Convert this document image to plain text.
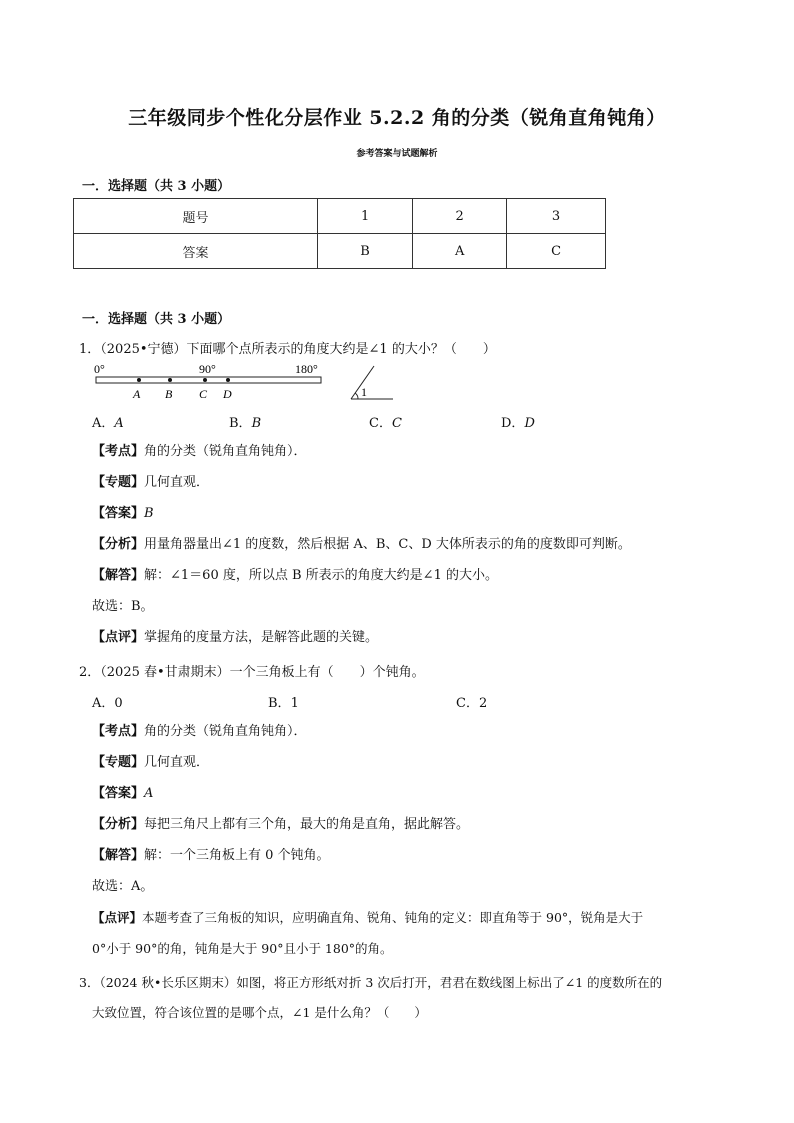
三年级同步个性化分层作业 5.2.2 角的分类（锐角直角钝角）
参考答案与试题解析
一．选择题（共 3 小题）
题号	1	2	3
答案	B	A	C
一．选择题（共 3 小题）
1．（2025•宁德）下面哪个点所表示的角度大约是∠1 的大小？（　　）
0°	90°	180°
A B C D	1
A．A	B．B	C．C	D．D
【考点】角的分类（锐角直角钝角）．
【专题】几何直观．
【答案】B
【分析】用量角器量出∠1 的度数，然后根据 A、B、C、D 大体所表示的角的度数即可判断。
【解答】解：∠1＝60 度，所以点 B 所表示的角度大约是∠1 的大小。
故选：B。
【点评】掌握角的度量方法，是解答此题的关键。
2．（2025 春•甘肃期末）一个三角板上有（　　）个钝角。
A．0	B．1	C．2
【考点】角的分类（锐角直角钝角）．
【专题】几何直观．
【答案】A
【分析】每把三角尺上都有三个角，最大的角是直角，据此解答。
【解答】解：一个三角板上有 0 个钝角。
故选：A。
【点评】本题考查了三角板的知识，应明确直角、锐角、钝角的定义：即直角等于 90°，锐角是大于
0°小于 90°的角，钝角是大于 90°且小于 180°的角。
3．（2024 秋•长乐区期末）如图，将正方形纸对折 3 次后打开，君君在数线图上标出了∠1 的度数所在的
大致位置，符合该位置的是哪个点，∠1 是什么角？（　　）
